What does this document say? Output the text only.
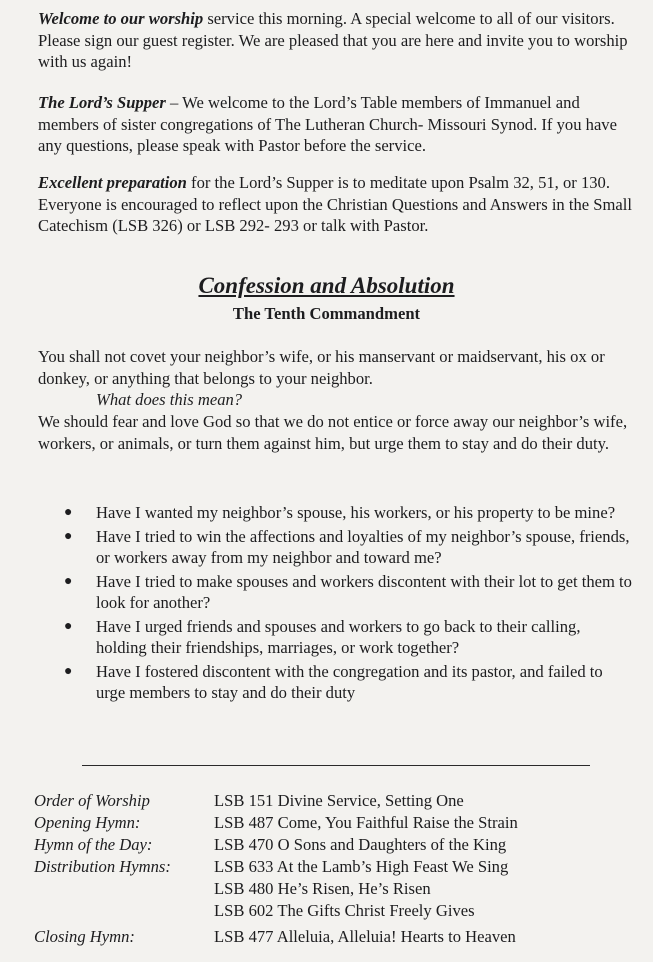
Welcome to our worship service this morning. A special welcome to all of our visitors. Please sign our guest register. We are pleased that you are here and invite you to worship with us again!

The Lord’s Supper – We welcome to the Lord’s Table members of Immanuel and members of sister congregations of The Lutheran Church- Missouri Synod. If you have any questions, please speak with Pastor before the service.

Excellent preparation for the Lord’s Supper is to meditate upon Psalm 32, 51, or 130. Everyone is encouraged to reflect upon the Christian Questions and Answers in the Small Catechism (LSB 326) or LSB 292- 293 or talk with Pastor.

Confession and Absolution
The Tenth Commandment

You shall not covet your neighbor’s wife, or his manservant or maidservant, his ox or donkey, or anything that belongs to your neighbor.

What does this mean?

We should fear and love God so that we do not entice or force away our neighbor’s wife, workers, or animals, or turn them against him, but urge them to stay and do their duty.

● Have I wanted my neighbor’s spouse, his workers, or his property to be mine?
● Have I tried to win the affections and loyalties of my neighbor’s spouse, friends, or workers away from my neighbor and toward me?
● Have I tried to make spouses and workers discontent with their lot to get them to look for another?
● Have I urged friends and spouses and workers to go back to their calling, holding their friendships, marriages, or work together?
● Have I fostered discontent with the congregation and its pastor, and failed to urge members to stay and do their duty
Order of Worship	LSB 151 Divine Service, Setting One
Opening Hymn:	LSB 487 Come, You Faithful Raise the Strain
Hymn of the Day:	LSB 470 O Sons and Daughters of the King
Distribution Hymns:	LSB 633 At the Lamb’s High Feast We Sing
	LSB 480 He’s Risen, He’s Risen
	LSB 602 The Gifts Christ Freely Gives
Closing Hymn:	LSB 477 Alleluia, Alleluia! Hearts to Heaven
